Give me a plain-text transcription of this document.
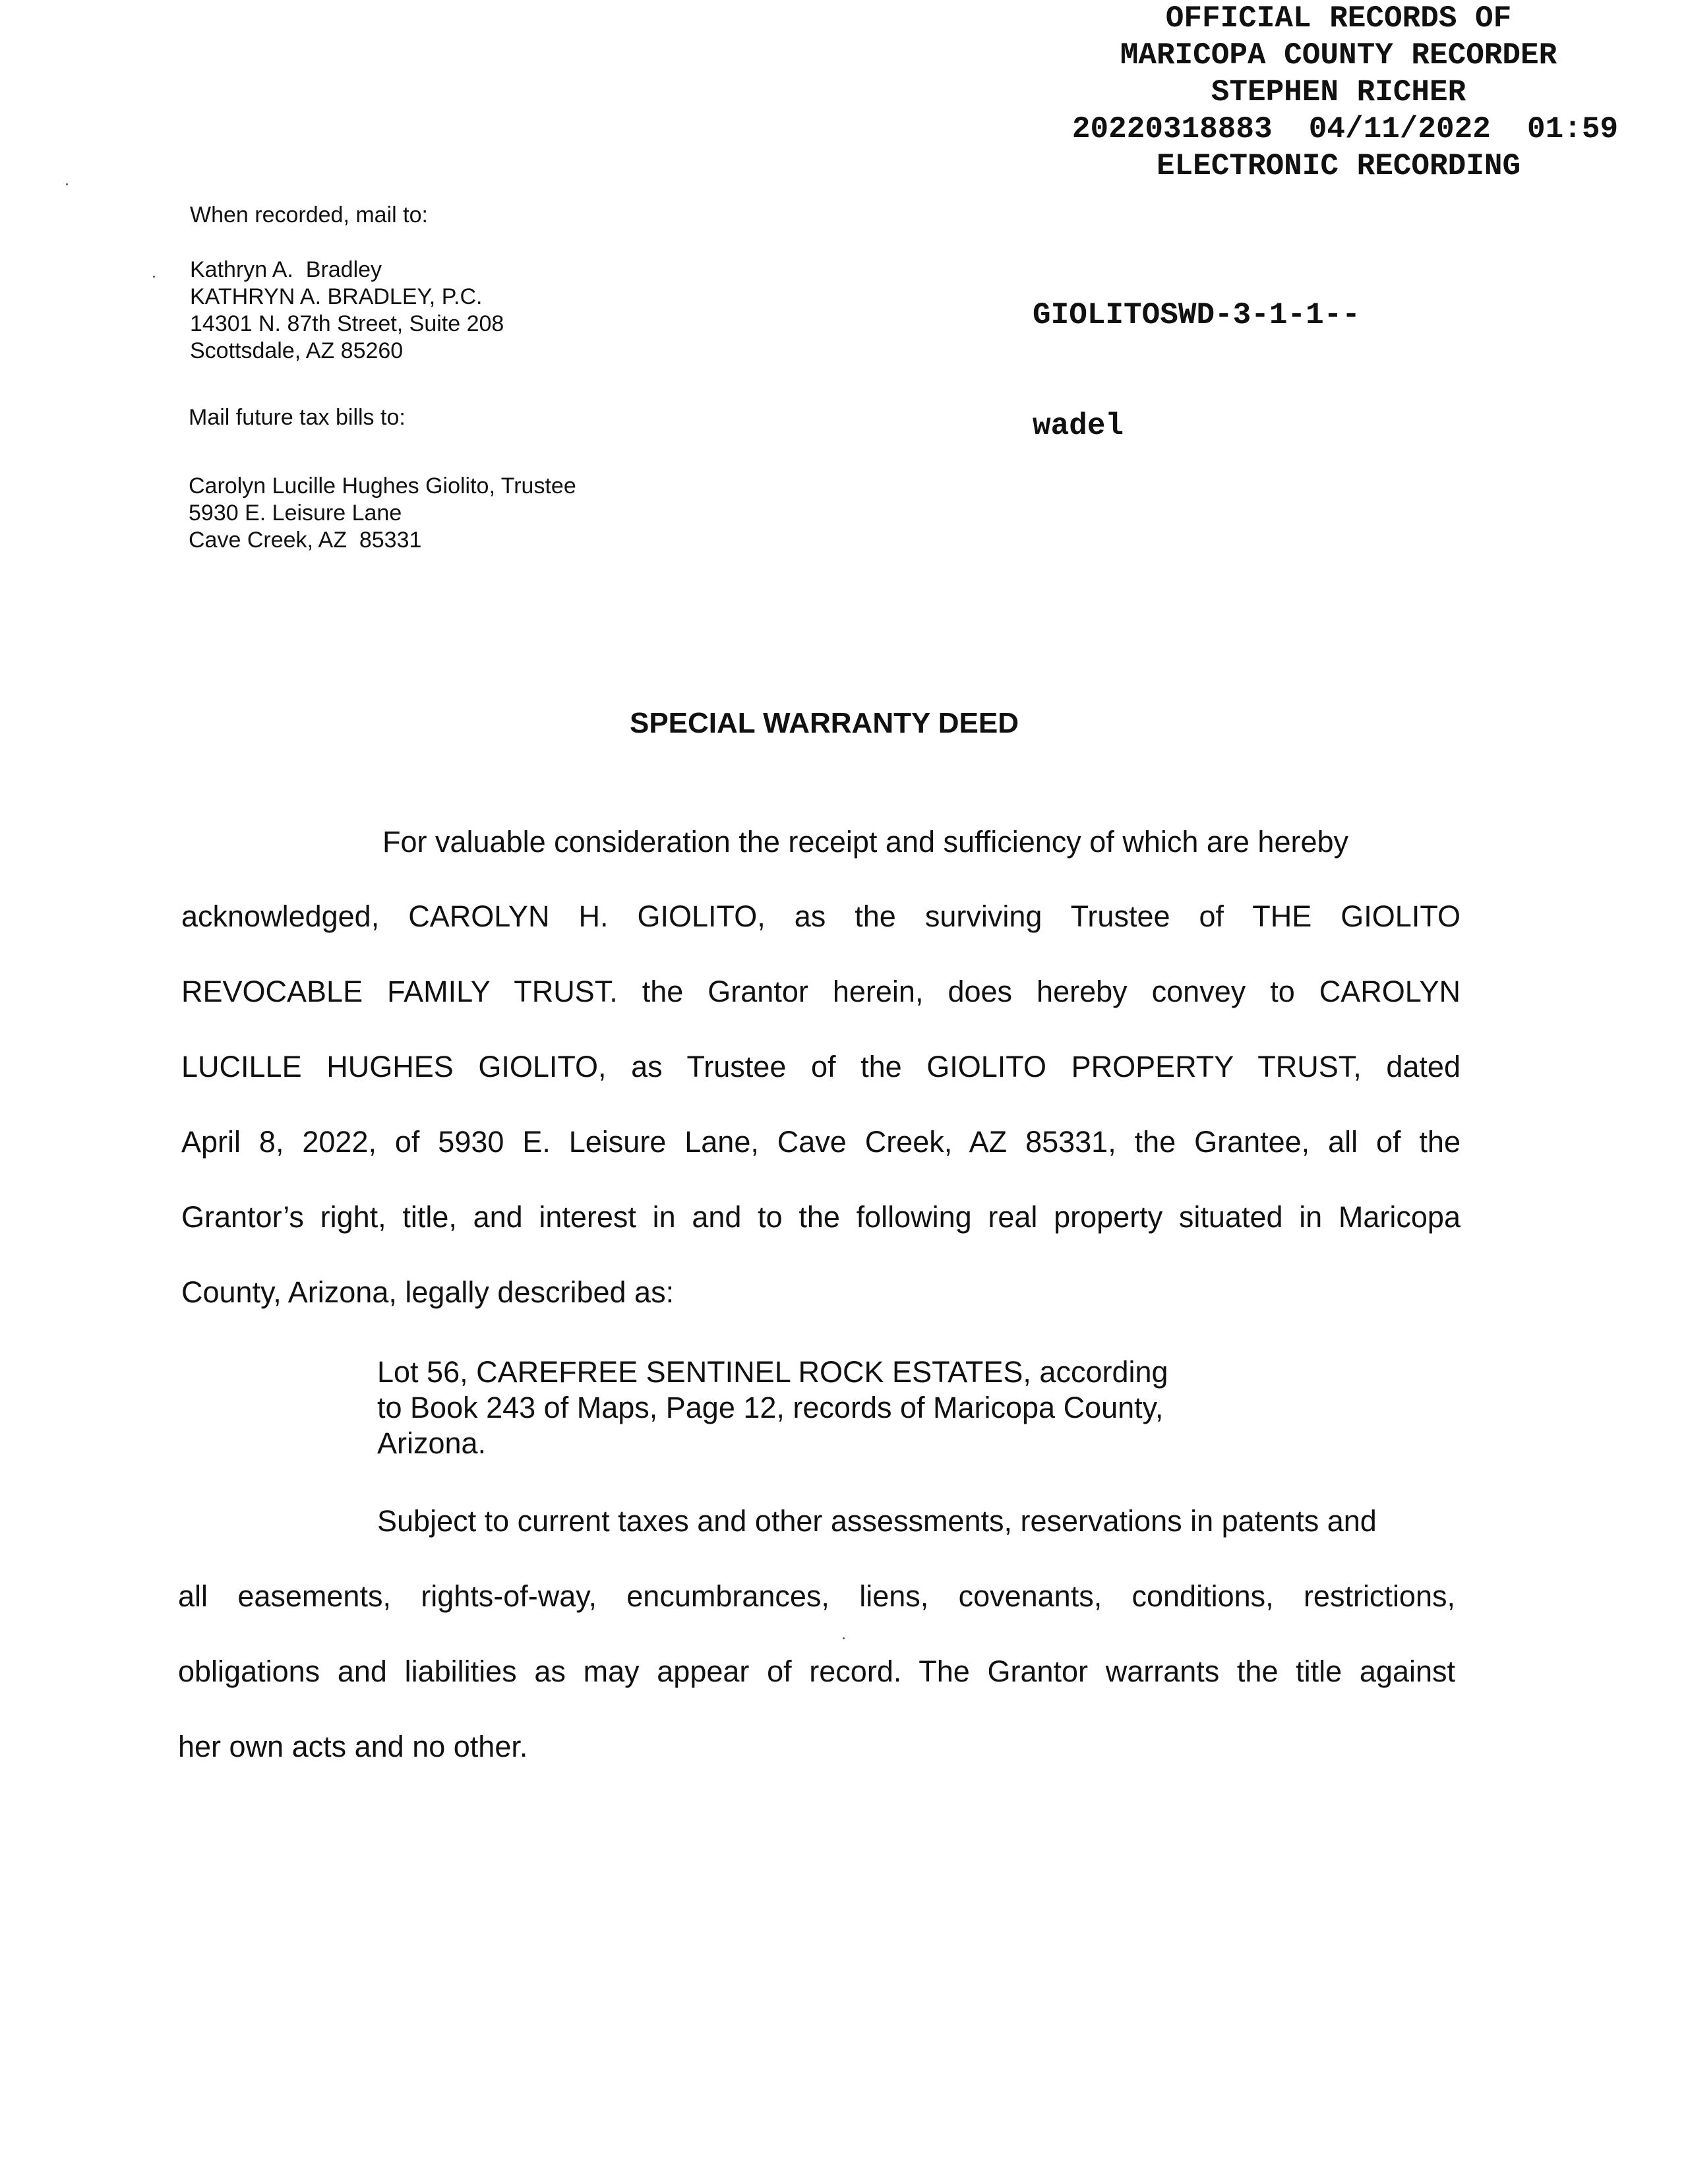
OFFICIAL RECORDS OF
MARICOPA COUNTY RECORDER
STEPHEN RICHER
20220318883  04/11/2022  01:59
ELECTRONIC RECORDING

GIOLITOSWD-3-1-1--

wadel

When recorded, mail to:
Kathryn A.  Bradley
KATHRYN A. BRADLEY, P.C.
14301 N. 87th Street, Suite 208
Scottsdale, AZ 85260
Mail future tax bills to:
Carolyn Lucille Hughes Giolito, Trustee
5930 E. Leisure Lane
Cave Creek, AZ  85331
SPECIAL WARRANTY DEED
For valuable consideration the receipt and sufficiency of which are hereby
acknowledged, CAROLYN H. GIOLITO, as the surviving Trustee of THE GIOLITO
REVOCABLE FAMILY TRUST. the Grantor herein, does hereby convey to CAROLYN
LUCILLE HUGHES GIOLITO, as Trustee of the GIOLITO PROPERTY TRUST, dated
April 8, 2022, of 5930 E. Leisure Lane, Cave Creek, AZ 85331, the Grantee, all of the
Grantor’s right, title, and interest in and to the following real property situated in Maricopa
County, Arizona, legally described as:
Lot 56, CAREFREE SENTINEL ROCK ESTATES, according
to Book 243 of Maps, Page 12, records of Maricopa County,
Arizona.
Subject to current taxes and other assessments, reservations in patents and
all easements, rights-of-way, encumbrances, liens, covenants, conditions, restrictions,
obligations and liabilities as may appear of record. The Grantor warrants the title against
her own acts and no other.
